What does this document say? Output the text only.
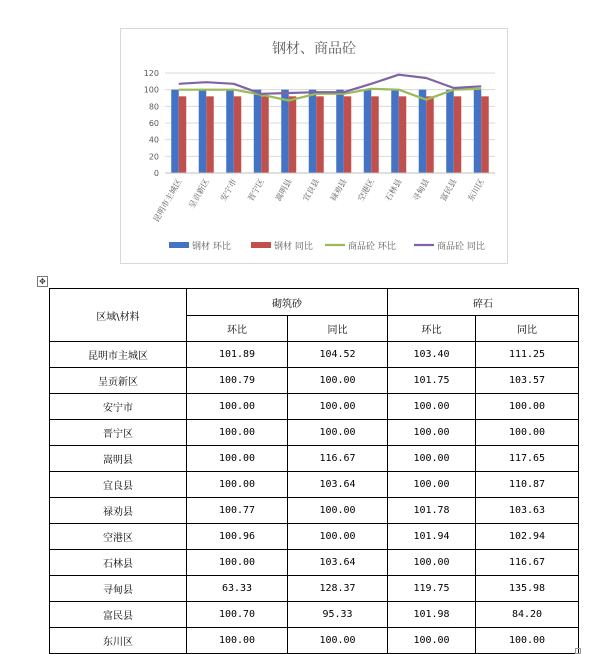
钢材、商品砼
0
20
40
60
80
100
120
昆明市主城区 呈贡新区 安宁市 晋宁区 嵩明县 宜良县 禄劝县 空港区 石林县 寻甸县 富民县 东川区
钢材 环比	钢材 同比	商品砼 环比	商品砼 同比
✥
区域\材料	砌筑砂		碎石	
	环比	同比	环比	同比
昆明市主城区	101.89	104.52	103.40	111.25
呈贡新区	100.79	100.00	101.75	103.57
安宁市	100.00	100.00	100.00	100.00
晋宁区	100.00	100.00	100.00	100.00
嵩明县	100.00	116.67	100.00	117.65
宜良县	100.00	103.64	100.00	110.87
禄劝县	100.77	100.00	101.78	103.63
空港区	100.96	100.00	101.94	102.94
石林县	100.00	103.64	100.00	116.67
寻甸县	63.33	128.37	119.75	135.98
富民县	100.70	95.33	101.98	84.20
东川区	100.00	100.00	100.00	100.00
